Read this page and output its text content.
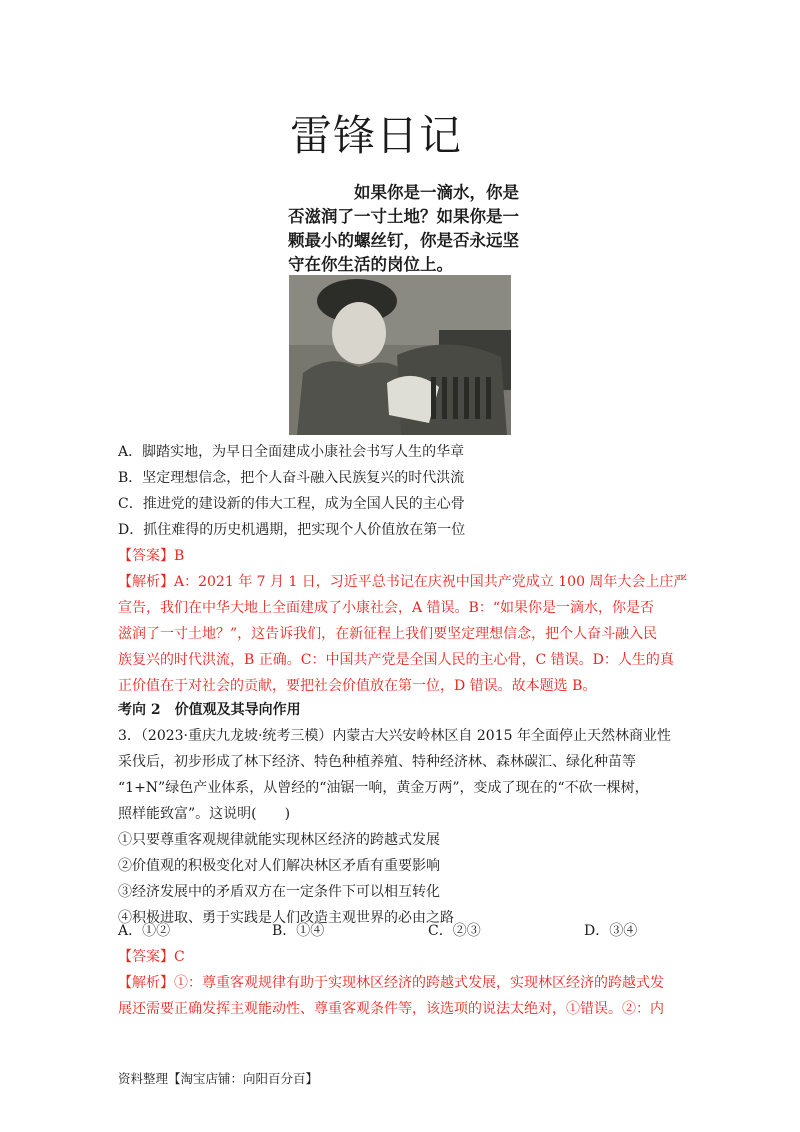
雷锋日记
如果你是一滴水，你是否滋润了一寸土地？如果你是一颗最小的螺丝钉，你是否永远坚守在你生活的岗位上。
A．脚踏实地，为早日全面建成小康社会书写人生的华章
B．坚定理想信念，把个人奋斗融入民族复兴的时代洪流
C．推进党的建设新的伟大工程，成为全国人民的主心骨
D．抓住难得的历史机遇期，把实现个人价值放在第一位
【答案】B
【解析】A：2021 年 7 月 1 日，习近平总书记在庆祝中国共产党成立 100 周年大会上庄严
宣告，我们在中华大地上全面建成了小康社会，A 错误。B：“如果你是一滴水，你是否
滋润了一寸土地？”，这告诉我们，在新征程上我们要坚定理想信念，把个人奋斗融入民
族复兴的时代洪流，B 正确。C：中国共产党是全国人民的主心骨，C 错误。D：人生的真
正价值在于对社会的贡献，要把社会价值放在第一位，D 错误。故本题选 B。
考向 2　价值观及其导向作用
3．（2023·重庆九龙坡·统考三模）内蒙古大兴安岭林区自 2015 年全面停止天然林商业性
采伐后，初步形成了林下经济、特色种植养殖、特种经济林、森林碳汇、绿化种苗等
“1+N”绿色产业体系，从曾经的“油锯一响，黄金万两”，变成了现在的“不砍一棵树，
照样能致富”。这说明(　　)
①只要尊重客观规律就能实现林区经济的跨越式发展
②价值观的积极变化对人们解决林区矛盾有重要影响
③经济发展中的矛盾双方在一定条件下可以相互转化
④积极进取、勇于实践是人们改造主观世界的必由之路
A．①②	B．①④	C．②③	D．③④
【答案】C
【解析】①：尊重客观规律有助于实现林区经济的跨越式发展，实现林区经济的跨越式发
展还需要正确发挥主观能动性、尊重客观条件等，该选项的说法太绝对，①错误。②：内
资料整理【淘宝店铺：向阳百分百】
